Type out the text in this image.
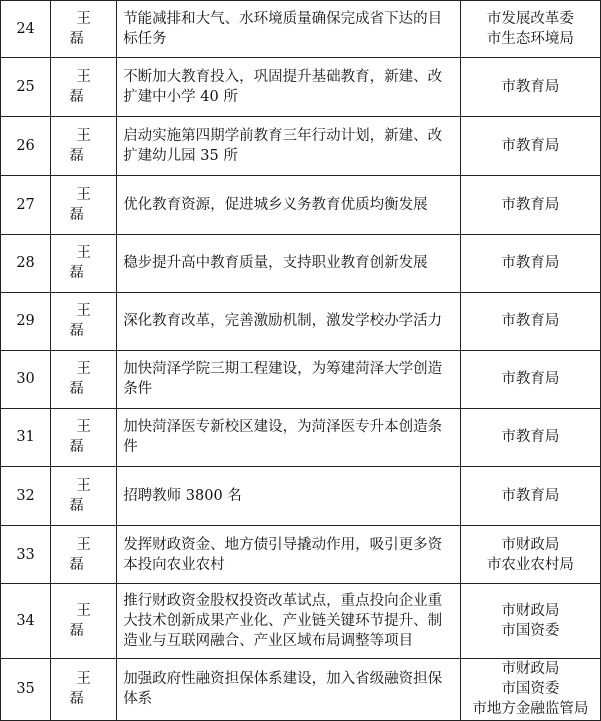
24	王磊	节能减排和大气、水环境质量确保完成省下达的目标任务	市发展改革委
市生态环境局

25	王磊	不断加大教育投入，巩固提升基础教育，新建、改扩建中小学 40 所	市教育局

26	王磊	启动实施第四期学前教育三年行动计划，新建、改扩建幼儿园 35 所	市教育局

27	王磊	优化教育资源，促进城乡义务教育优质均衡发展	市教育局

28	王磊	稳步提升高中教育质量，支持职业教育创新发展	市教育局

29	王磊	深化教育改革，完善激励机制，激发学校办学活力	市教育局

30	王磊	加快菏泽学院三期工程建设，为筹建菏泽大学创造条件	市教育局

31	王磊	加快菏泽医专新校区建设，为菏泽医专升本创造条件	市教育局

32	王磊	招聘教师 3800 名	市教育局

33	王磊	发挥财政资金、地方债引导撬动作用，吸引更多资本投向农业农村	市财政局
市农业农村局

34	王磊	推行财政资金股权投资改革试点，重点投向企业重大技术创新成果产业化、产业链关键环节提升、制造业与互联网融合、产业区域布局调整等项目	市财政局
市国资委

35	王磊	加强政府性融资担保体系建设，加入省级融资担保体系	市财政局
市国资委
市地方金融监管局
